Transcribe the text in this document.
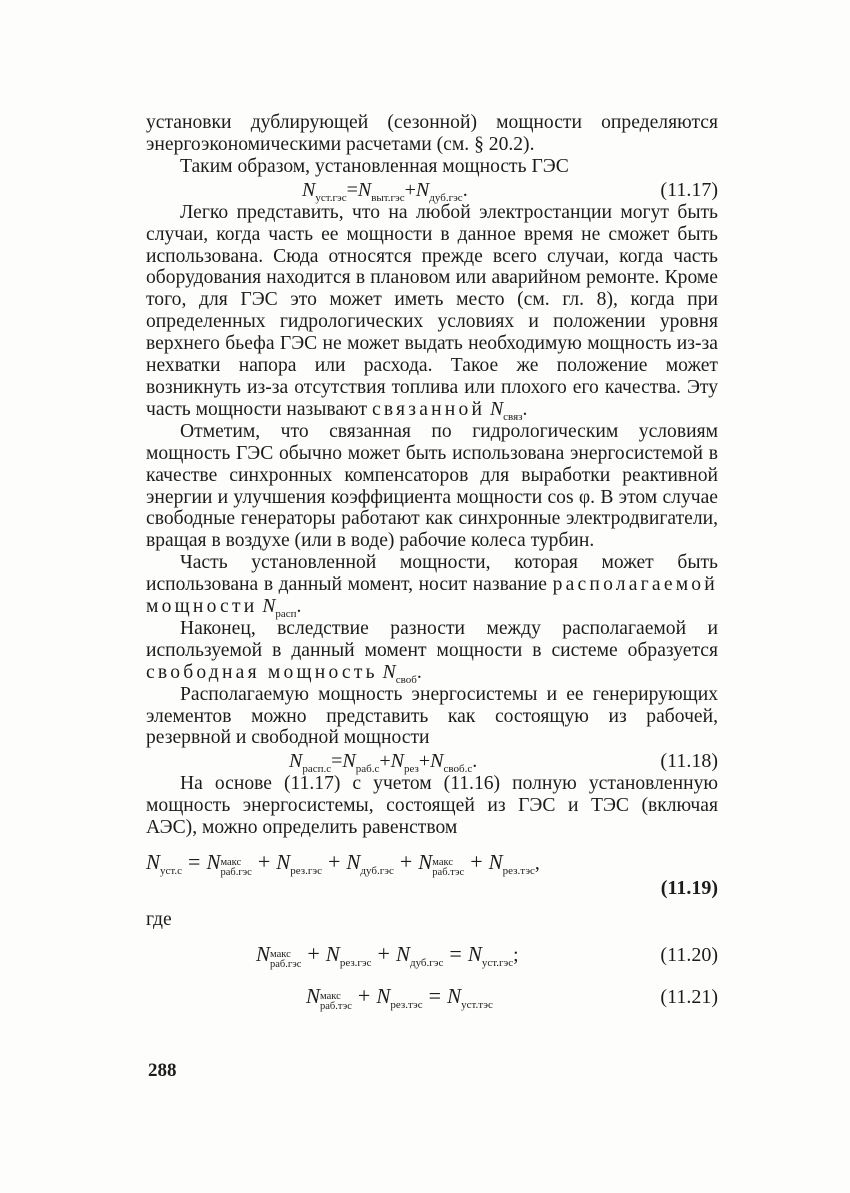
установки дублирующей (сезонной) мощности определяются энергоэкономическими расчетами (см. § 20.2).

Таким образом, установленная мощность ГЭС

$N_{уст.гэс}=N_{выт.гэс}+N_{дуб.гэс}$.	(11.17)

Легко представить, что на любой электростанции могут быть случаи, когда часть ее мощности в данное время не сможет быть использована. Сюда относятся прежде всего случаи, когда часть оборудования находится в плановом или аварийном ремонте. Кроме того, для ГЭС это может иметь место (см. гл. 8), когда при определенных гидрологических условиях и положении уровня верхнего бьефа ГЭС не может выдать необходимую мощность из-за нехватки напора или расхода. Такое же положение может возникнуть из-за отсутствия топлива или плохого его качества. Эту часть мощности называют связанной $N_{связ}$.

Отметим, что связанная по гидрологическим условиям мощность ГЭС обычно может быть использована энергосистемой в качестве синхронных компенсаторов для выработки реактивной энергии и улучшения коэффициента мощности cos φ. В этом случае свободные генераторы работают как синхронные электродвигатели, вращая в воздухе (или в воде) рабочие колеса турбин.

Часть установленной мощности, которая может быть использована в данный момент, носит название располагаемой мощности $N_{расп}$.

Наконец, вследствие разности между располагаемой и используемой в данный момент мощности в системе образуется свободная мощность $N_{своб}$.

Располагаемую мощность энергосистемы и ее генерирующих элементов можно представить как состоящую из рабочей, резервной и свободной мощности

$N_{расп.с}=N_{раб.с}+N_{рез}+N_{своб.с}$.	(11.18)

На основе (11.17) с учетом (11.16) полную установленную мощность энергосистемы, состоящей из ГЭС и ТЭС (включая АЭС), можно определить равенством

$N_{уст.с} = N$ макс
$раб.гэс + N_{рез.гэс} + N_{дуб.гэс} + N$ макс
$раб.тэс + N_{рез.тэс}$,
(11.19)
где
N макс
$раб.гэс + N_{рез.гэс} + N_{дуб.гэс} = N_{уст.гэс}$;	(11.20)
N макс
$раб.тэс + N_{рез.тэс} = N_{уст.тэс}$	(11.21)
288
